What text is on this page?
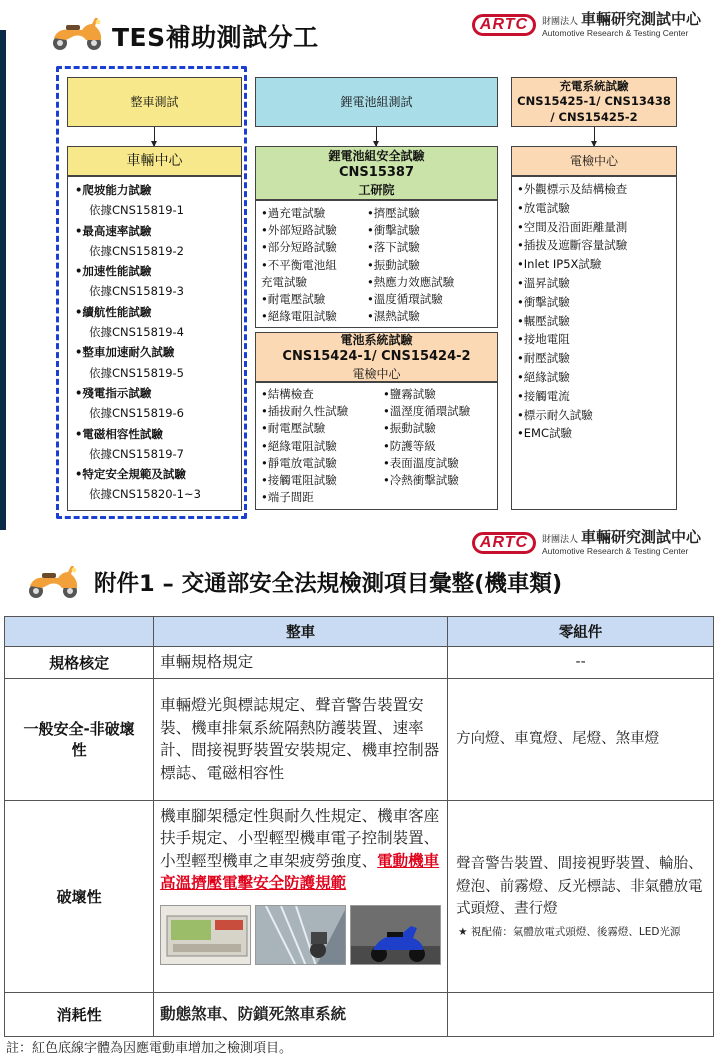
TES補助測試分工	ARTC	財團法人 車輛研究測試中心
Automotive Research & Testing Center
整車測試
車輛中心
•爬坡能力試驗
依據CNS15819-1
•最高速率試驗
依據CNS15819-2
•加速性能試驗
依據CNS15819-3
•續航性能試驗
依據CNS15819-4
•整車加速耐久試驗
依據CNS15819-5
•殘電指示試驗
依據CNS15819-6
•電磁相容性試驗
依據CNS15819-7
•特定安全規範及試驗
依據CNS15820-1~3
鋰電池組測試
鋰電池組安全試驗
CNS15387
工研院
•過充電試驗	•擠壓試驗
•外部短路試驗	•衝擊試驗
•部分短路試驗	•落下試驗
•不平衡電池組	•振動試驗
充電試驗	•熱應力效應試驗
•耐電壓試驗	•溫度循環試驗
•絕緣電阻試驗	•濕熱試驗
電池系統試驗
CNS15424-1/ CNS15424-2
電檢中心
•結構檢查	•鹽霧試驗
•插拔耐久性試驗	•溫溼度循環試驗
•耐電壓試驗	•振動試驗
•絕緣電阻試驗	•防護等級
•靜電放電試驗	•表面溫度試驗
•接觸電阻試驗	•冷熱衝擊試驗
•端子間距
充電系統試驗
CNS15425-1/ CNS13438
/ CNS15425-2
電檢中心
•外觀標示及結構檢查
•放電試驗
•空間及沿面距離量測
•插拔及遮斷容量試驗
•Inlet IP5X試驗
•溫昇試驗
•衝擊試驗
•輾壓試驗
•接地電阻
•耐壓試驗
•絕緣試驗
•接觸電流
•標示耐久試驗
•EMC試驗
ARTC	財團法人 車輛研究測試中心
Automotive Research & Testing Center
附件1 – 交通部安全法規檢測項目彙整(機車類)
	整車	零組件
規格核定	車輛規格規定	--
一般安全-非破壞性	車輛燈光與標誌規定、聲音警告裝置安裝、機車排氣系統隔熱防護裝置、速率計、間接視野裝置安裝規定、機車控制器標誌、電磁相容性	方向燈、車寬燈、尾燈、煞車燈
破壞性	機車腳架穩定性與耐久性規定、機車客座扶手規定、小型輕型機車電子控制裝置、小型輕型機車之車架疲勞強度、電動機車高溫擠壓電擊安全防護規範	聲音警告裝置、間接視野裝置、輪胎、燈泡、前霧燈、反光標誌、非氣體放電式頭燈、晝行燈
★ 視配備：氣體放電式頭燈、後霧燈、LED光源

消耗性	動態煞車、防鎖死煞車系統	
註：紅色底線字體為因應電動車增加之檢測項目。
